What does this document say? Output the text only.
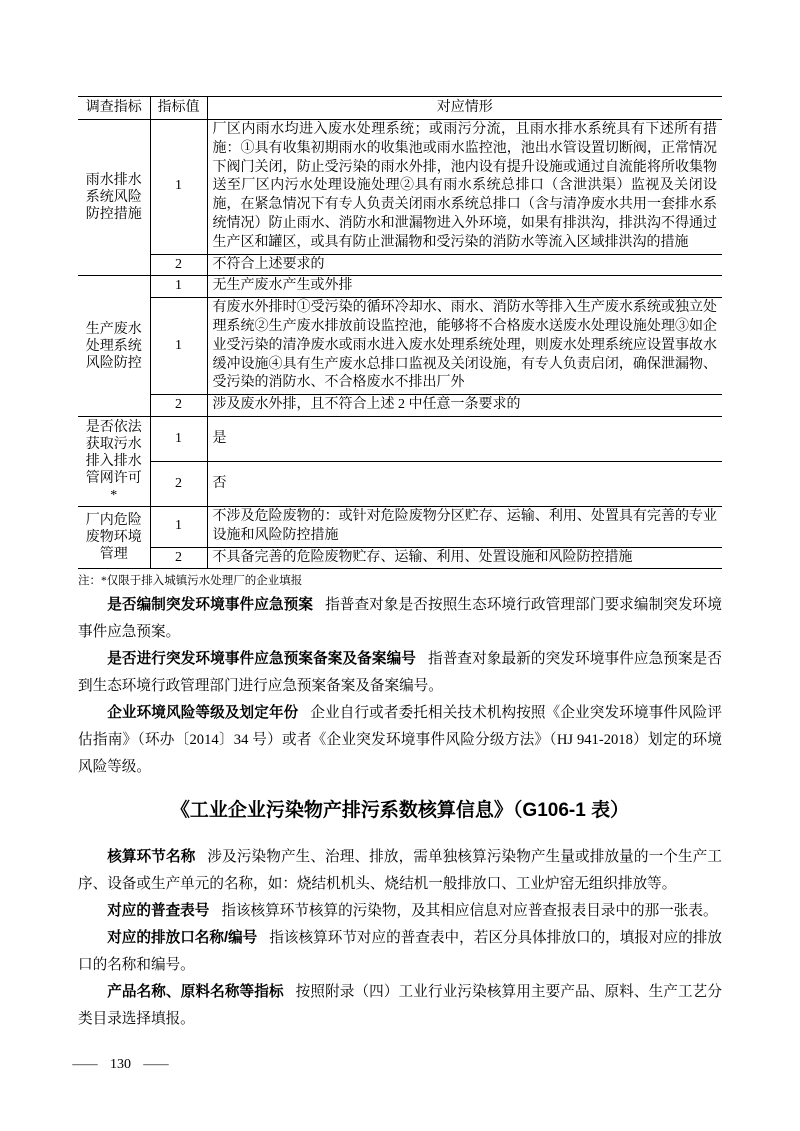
调查指标	指标值	对应情形
雨水排水系统风险防控措施	1	厂区内雨水均进入废水处理系统；或雨污分流，且雨水排水系统具有下述所有措施：①具有收集初期雨水的收集池或雨水监控池，池出水管设置切断阀，正常情况下阀门关闭，防止受污染的雨水外排，池内设有提升设施或通过自流能将所收集物送至厂区内污水处理设施处理②具有雨水系统总排口（含泄洪渠）监视及关闭设施，在紧急情况下有专人负责关闭雨水系统总排口（含与清净废水共用一套排水系统情况）防止雨水、消防水和泄漏物进入外环境，如果有排洪沟，排洪沟不得通过生产区和罐区，或具有防止泄漏物和受污染的消防水等流入区域排洪沟的措施
	2	不符合上述要求的
生产废水处理系统风险防控	1	无生产废水产生或外排
	1	有废水外排时①受污染的循环冷却水、雨水、消防水等排入生产废水系统或独立处理系统②生产废水排放前设监控池，能够将不合格废水送废水处理设施处理③如企业受污染的清净废水或雨水进入废水处理系统处理，则废水处理系统应设置事故水缓冲设施④具有生产废水总排口监视及关闭设施，有专人负责启闭，确保泄漏物、受污染的消防水、不合格废水不排出厂外
	2	涉及废水外排，且不符合上述 2 中任意一条要求的
是否依法获取污水排入排水管网许可*	1	是
	2	否
厂内危险废物环境管理	1	不涉及危险废物的：或针对危险废物分区贮存、运输、利用、处置具有完善的专业设施和风险防控措施
	2	不具备完善的危险废物贮存、运输、利用、处置设施和风险防控措施
注：*仅限于排入城镇污水处理厂的企业填报

是否编制突发环境事件应急预案 指普查对象是否按照生态环境行政管理部门要求编制突发环境事件应急预案。

是否进行突发环境事件应急预案备案及备案编号 指普查对象最新的突发环境事件应急预案是否到生态环境行政管理部门进行应急预案备案及备案编号。

企业环境风险等级及划定年份 企业自行或者委托相关技术机构按照《企业突发环境事件风险评估指南》（环办〔2014〕34 号）或者《企业突发环境事件风险分级方法》（HJ 941-2018）划定的环境风险等级。

《工业企业污染物产排污系数核算信息》（G106-1 表）

核算环节名称 涉及污染物产生、治理、排放，需单独核算污染物产生量或排放量的一个生产工序、设备或生产单元的名称，如：烧结机机头、烧结机一般排放口、工业炉窑无组织排放等。

对应的普查表号 指该核算环节核算的污染物，及其相应信息对应普查报表目录中的那一张表。

对应的排放口名称/编号 指该核算环节对应的普查表中，若区分具体排放口的，填报对应的排放口的名称和编号。

产品名称、原料名称等指标 按照附录（四）工业行业污染核算用主要产品、原料、生产工艺分类目录选择填报。

— 130 —
